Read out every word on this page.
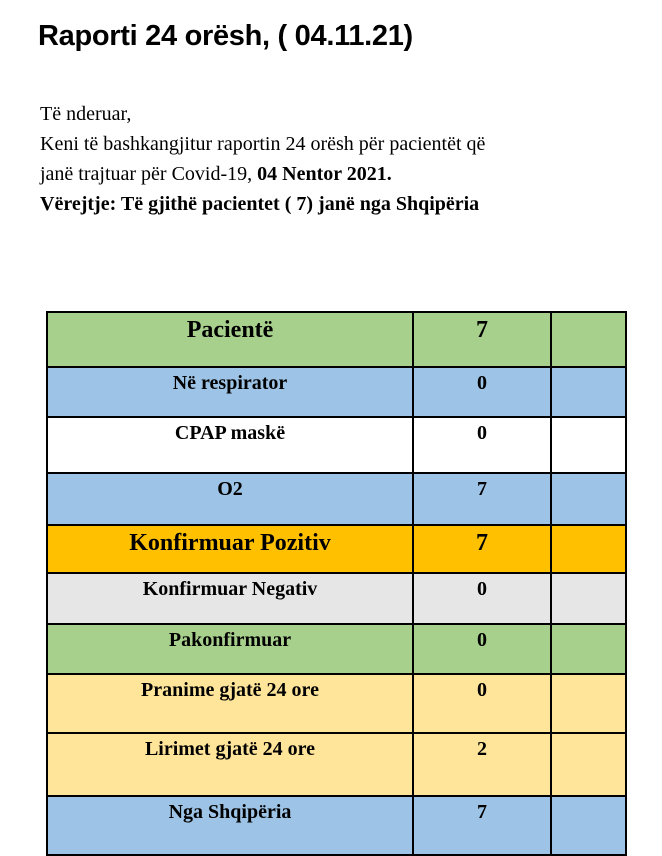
Raporti 24 orësh, ( 04.11.21)
Të nderuar,
Keni të bashkangjitur raportin 24 orësh për pacientët që
janë trajtuar për Covid-19, 04 Nentor 2021.
Vërejtje: Të gjithë pacientet ( 7) janë nga Shqipëria
Pacientë	7	
Në respirator	0	
CPAP maskë	0	
O2	7	
Konfirmuar Pozitiv	7	
Konfirmuar Negativ	0	
Pakonfirmuar	0	
Pranime gjatë 24 ore	0	
Lirimet gjatë 24 ore	2	
Nga Shqipëria	7	
